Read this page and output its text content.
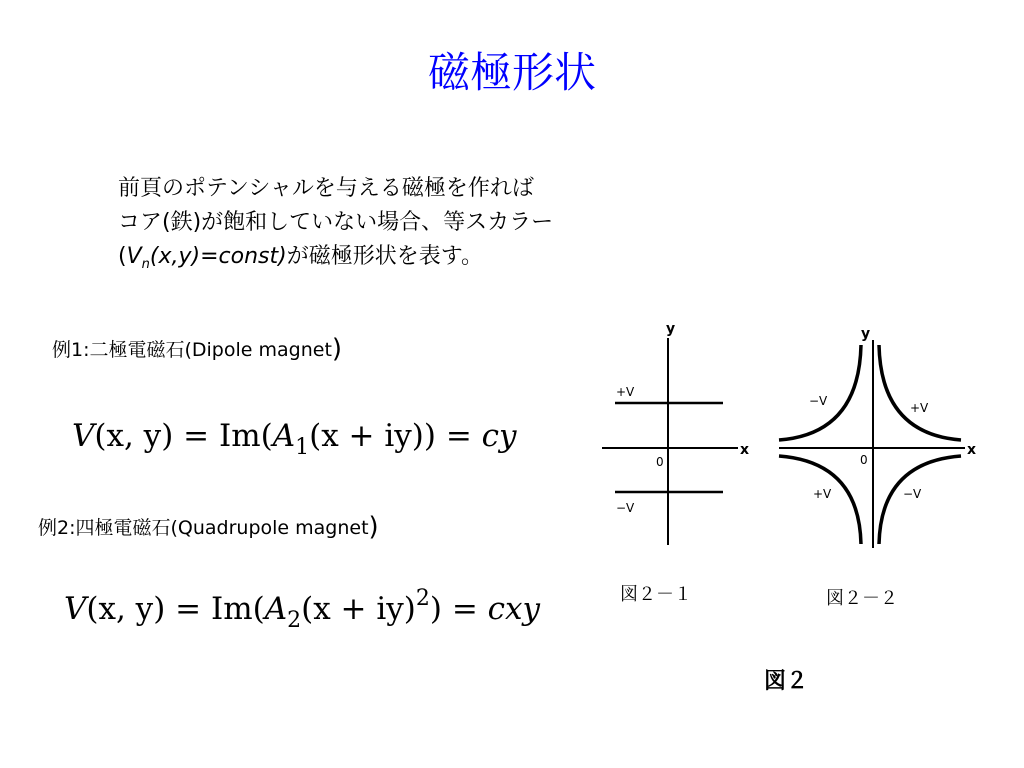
磁極形状
前頁のポテンシャルを与える磁極を作れば
コア(鉄)が飽和していない場合、等スカラー
$(V_n(x,y)=const)$が磁極形状を表す。
例1:二極電磁石(Dipole magnet)
V(x, $y) = Im(A_1(x + iy))$ = cy
例2:四極電磁石(Quadrupole magnet)
V(x, $y) = Im(A_2(x + iy)^2)$ = cxy
y
x
0
+V
−V
y
x
0
−V	+V
+V	−V
図２－１	図２－２
図２
